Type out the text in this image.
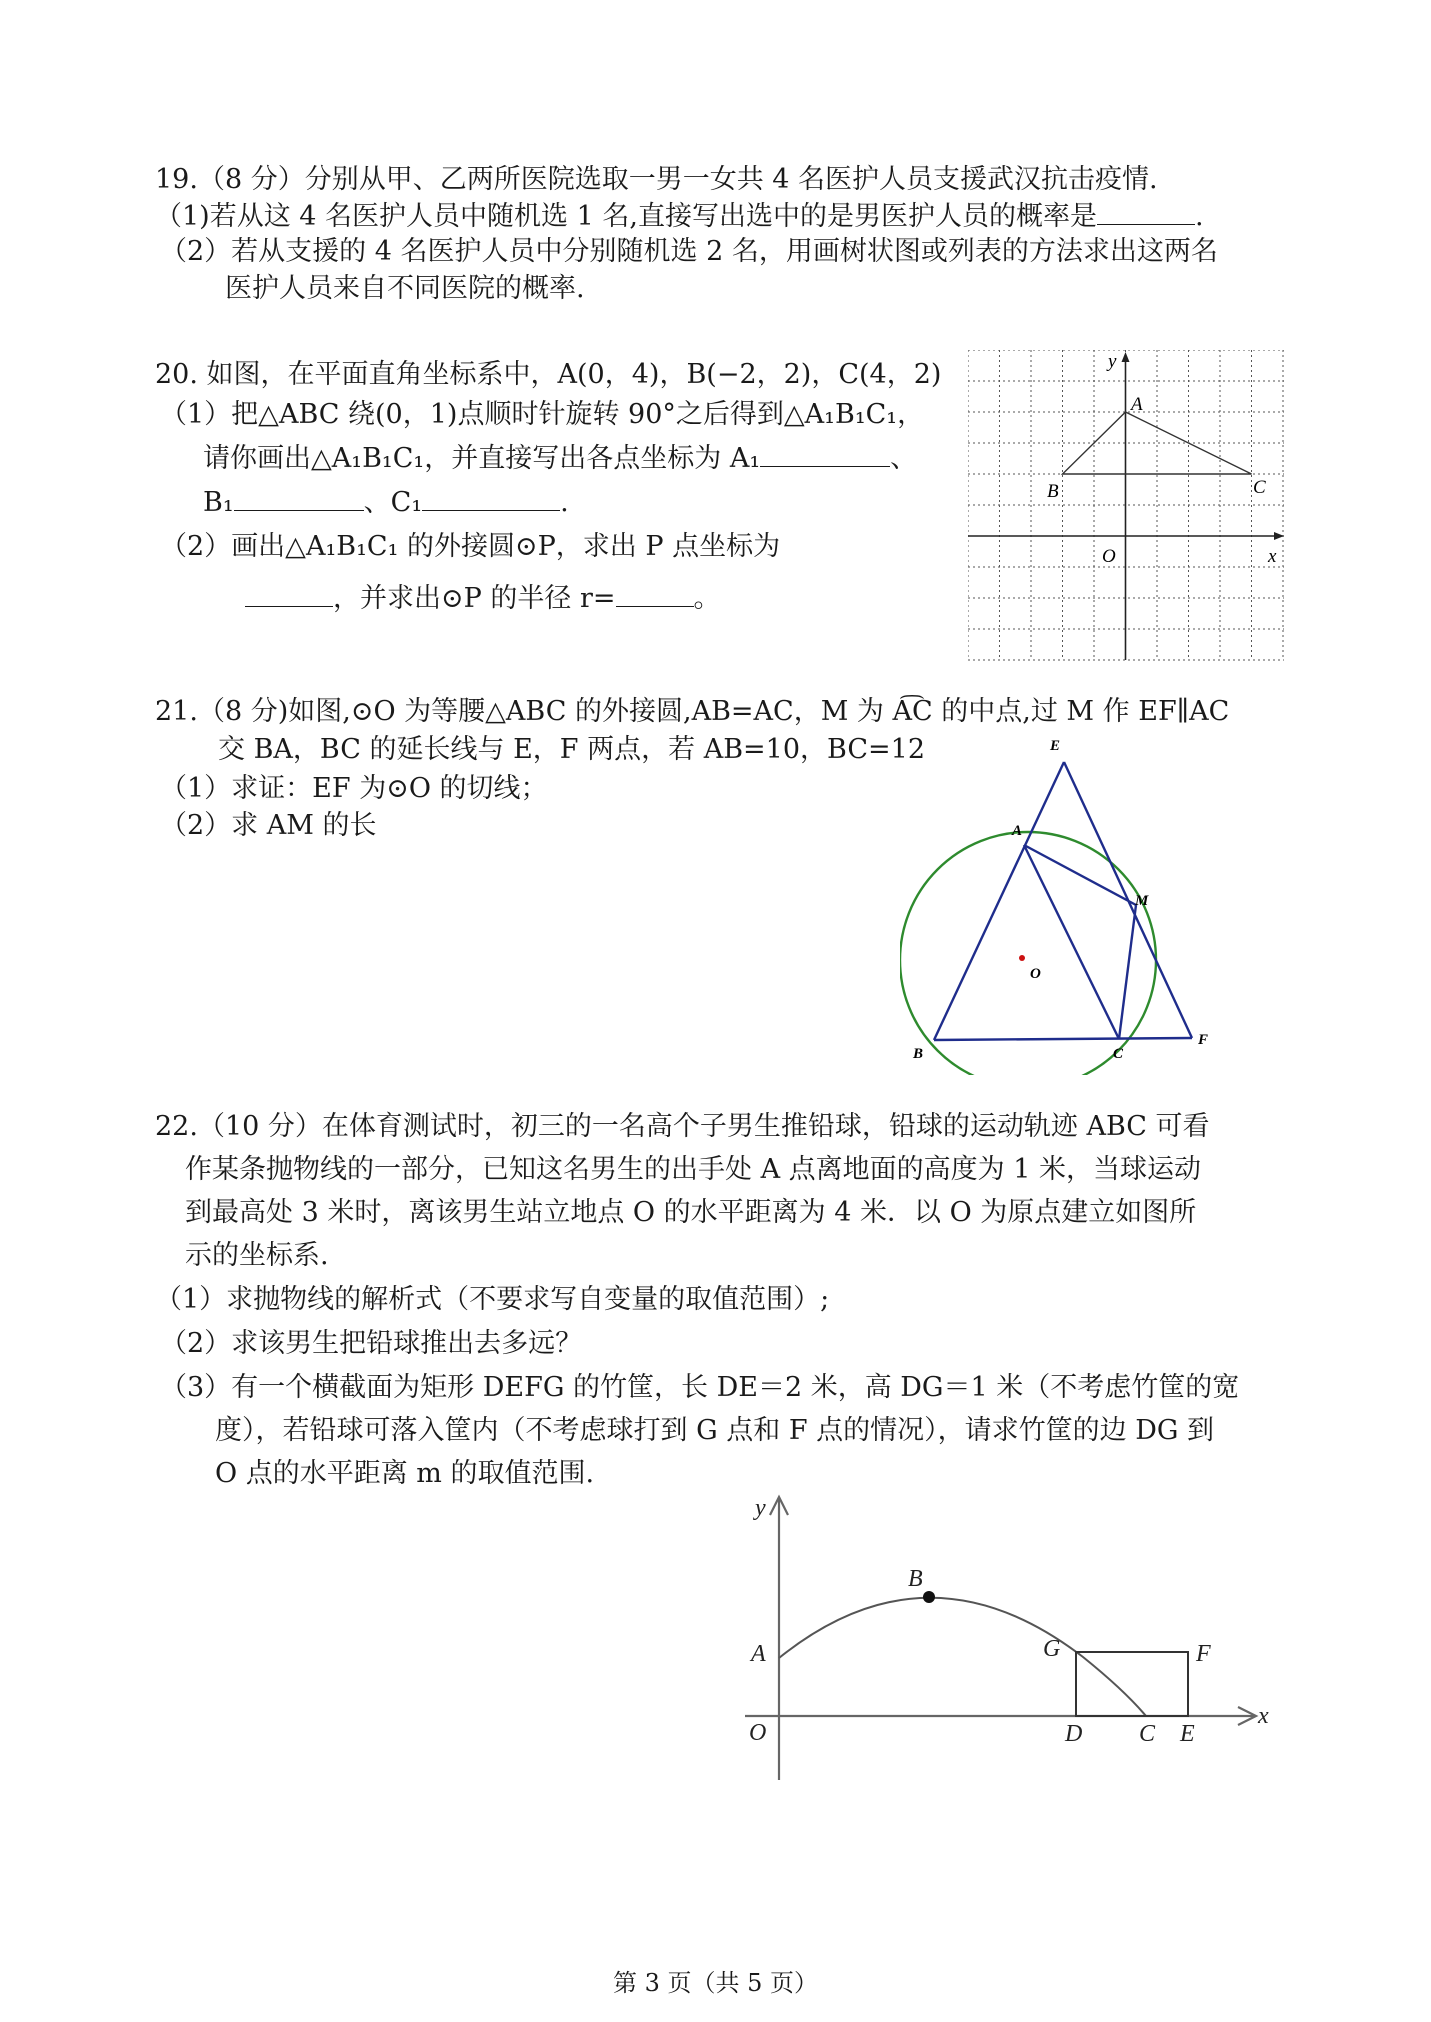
19.（8 分）分别从甲、乙两所医院选取一男一女共 4 名医护人员支援武汉抗击疫情.
（1)若从这 4 名医护人员中随机选 1 名,直接写出选中的是男医护人员的概率是	.
（2）若从支援的 4 名医护人员中分别随机选 2 名，用画树状图或列表的方法求出这两名
医护人员来自不同医院的概率.
20. 如图，在平面直角坐标系中，A(0，4)，B(−2，2)，C(4，2)
（1）把△ABC 绕(0，1)点顺时针旋转 90°之后得到△A₁B₁C₁，
请你画出△A₁B₁C₁，并直接写出各点坐标为 A₁	、
B₁	、C₁	.
（2）画出△A₁B₁C₁ 的外接圆⊙P，求出 P 点坐标为
，并求出⊙P 的半径 r=	。
y
x
O
A
B	C
21.（8 分)如图,⊙O 为等腰△ABC 的外接圆,AB=AC，M 为 A͡C 的中点,过 M 作 EF∥AC
交 BA，BC 的延长线与 E，F 两点，若 AB=10，BC=12
（1）求证：EF 为⊙O 的切线；
（2）求 AM 的长
E
A
M
O
B	C
F
22.（10 分）在体育测试时，初三的一名高个子男生推铅球，铅球的运动轨迹 ABC 可看
作某条抛物线的一部分，已知这名男生的出手处 A 点离地面的高度为 1 米，当球运动
到最高处 3 米时，离该男生站立地点 O 的水平距离为 4 米．以 O 为原点建立如图所
示的坐标系.
（1）求抛物线的解析式（不要求写自变量的取值范围）;
（2）求该男生把铅球推出去多远？
（3）有一个横截面为矩形 DEFG 的竹筐，长 DE＝2 米，高 DG＝1 米（不考虑竹筐的宽
度），若铅球可落入筐内（不考虑球打到 G 点和 F 点的情况），请求竹筐的边 DG 到
O 点的水平距离 m 的取值范围.
y
x
O
A
B
G	F
D C E
第 3 页（共 5 页）
